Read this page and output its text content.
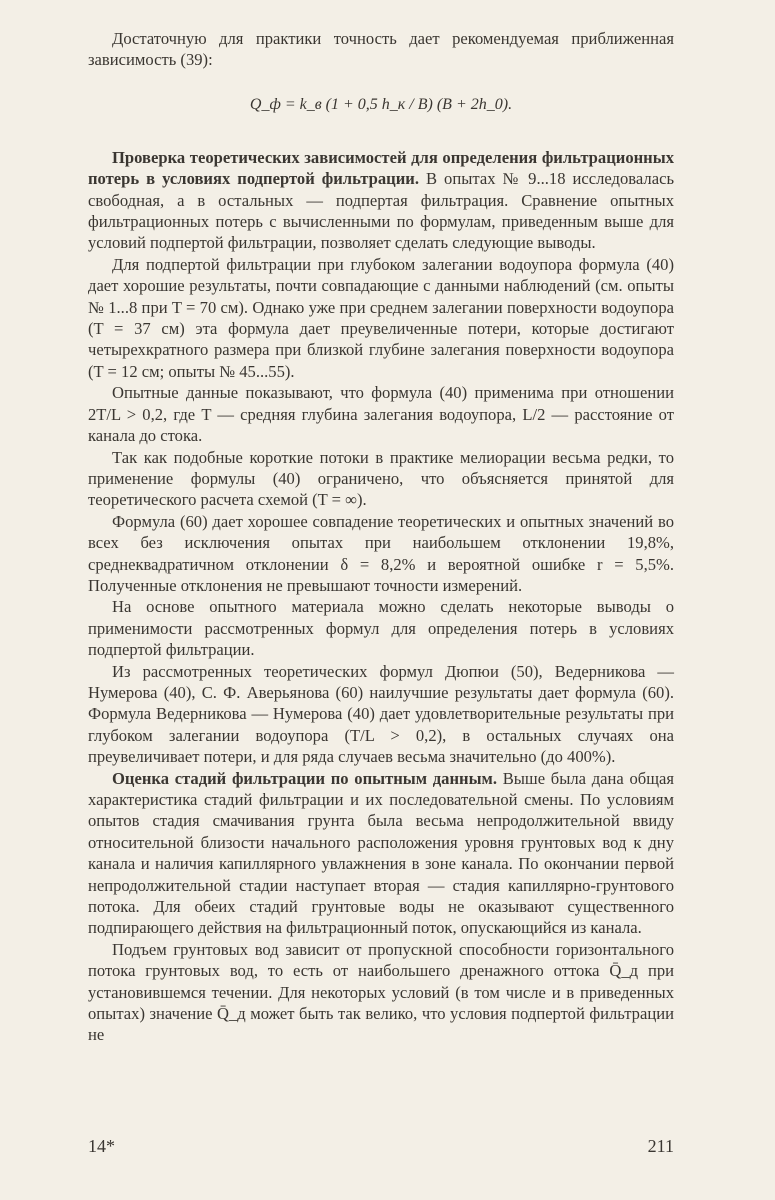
Достаточную для практики точность дает рекомендуемая приближенная зависимость (39):

Q_ф = k_в (1 + 0,5 h_к / B) (B + 2h_0).

Проверка теоретических зависимостей для определения фильтрационных потерь в условиях подпертой фильтрации. В опытах № 9...18 исследовалась свободная, а в остальных — подпертая фильтрация. Сравнение опытных фильтрационных потерь с вычисленными по формулам, приведенным выше для условий подпертой фильтрации, позволяет сделать следующие выводы.

Для подпертой фильтрации при глубоком залегании водоупора формула (40) дает хорошие результаты, почти совпадающие с данными наблюдений (см. опыты № 1...8 при T = 70 см). Однако уже при среднем залегании поверхности водоупора (T = 37 см) эта формула дает преувеличенные потери, которые достигают четырехкратного размера при близкой глубине залегания поверхности водоупора (T = 12 см; опыты № 45...55).

Опытные данные показывают, что формула (40) применима при отношении 2T/L > 0,2, где T — средняя глубина залегания водоупора, L/2 — расстояние от канала до стока.

Так как подобные короткие потоки в практике мелиорации весьма редки, то применение формулы (40) ограничено, что объясняется принятой для теоретического расчета схемой (T = ∞).

Формула (60) дает хорошее совпадение теоретических и опытных значений во всех без исключения опытах при наибольшем отклонении 19,8%, среднеквадратичном отклонении δ = 8,2% и вероятной ошибке r = 5,5%. Полученные отклонения не превышают точности измерений.

На основе опытного материала можно сделать некоторые выводы о применимости рассмотренных формул для определения потерь в условиях подпертой фильтрации.

Из рассмотренных теоретических формул Дюпюи (50), Ведерникова — Нумерова (40), С. Ф. Аверьянова (60) наилучшие результаты дает формула (60). Формула Ведерникова — Нумерова (40) дает удовлетворительные результаты при глубоком залегании водоупора (T/L > 0,2), в остальных случаях она преувеличивает потери, и для ряда случаев весьма значительно (до 400%).

Оценка стадий фильтрации по опытным данным. Выше была дана общая характеристика стадий фильтрации и их последовательной смены. По условиям опытов стадия смачивания грунта была весьма непродолжительной ввиду относительной близости начального расположения уровня грунтовых вод к дну канала и наличия капиллярного увлажнения в зоне канала. По окончании первой непродолжительной стадии наступает вторая — стадия капиллярно-грунтового потока. Для обеих стадий грунтовые воды не оказывают существенного подпирающего действия на фильтрационный поток, опускающийся из канала.

Подъем грунтовых вод зависит от пропускной способности горизонтального потока грунтовых вод, то есть от наибольшего дренажного оттока Q̄_д при установившемся течении. Для некоторых условий (в том числе и в приведенных опытах) значение Q̄_д может быть так велико, что условия подпертой фильтрации не

14*	211
